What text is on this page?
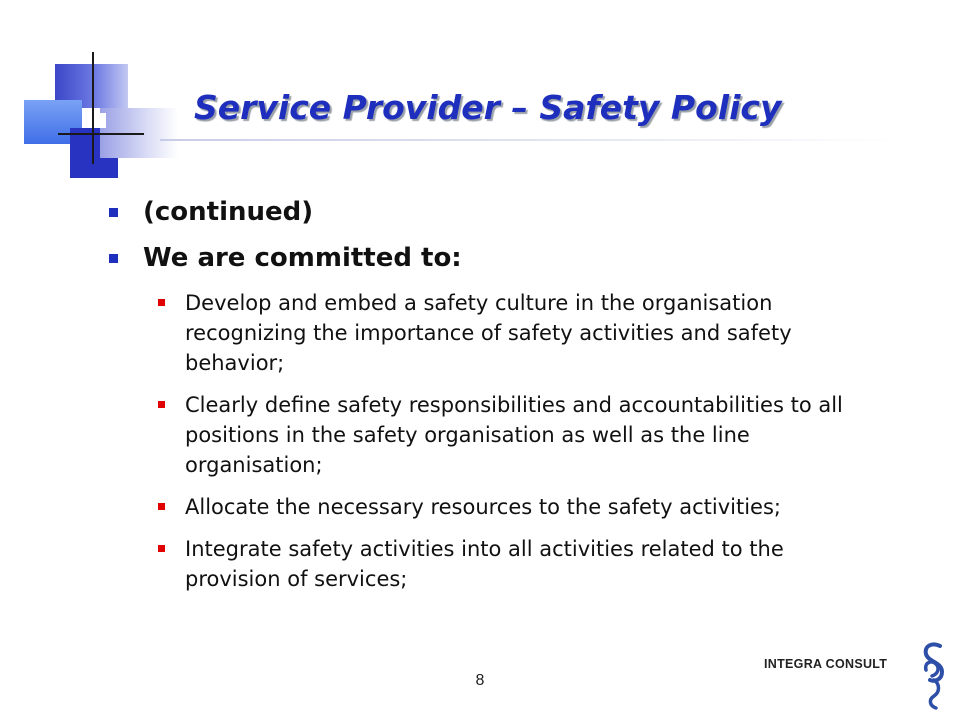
Service Provider – Safety Policy
(continued)
We are committed to:
Develop and embed a safety culture in the organisation recognizing the importance of safety activities and safety behavior;
Clearly define safety responsibilities and accountabilities to all positions in the safety organisation as well as the line organisation;
Allocate the necessary resources to the safety activities;
Integrate safety activities into all activities related to the provision of services;
8
INTEGRA CONSULT
